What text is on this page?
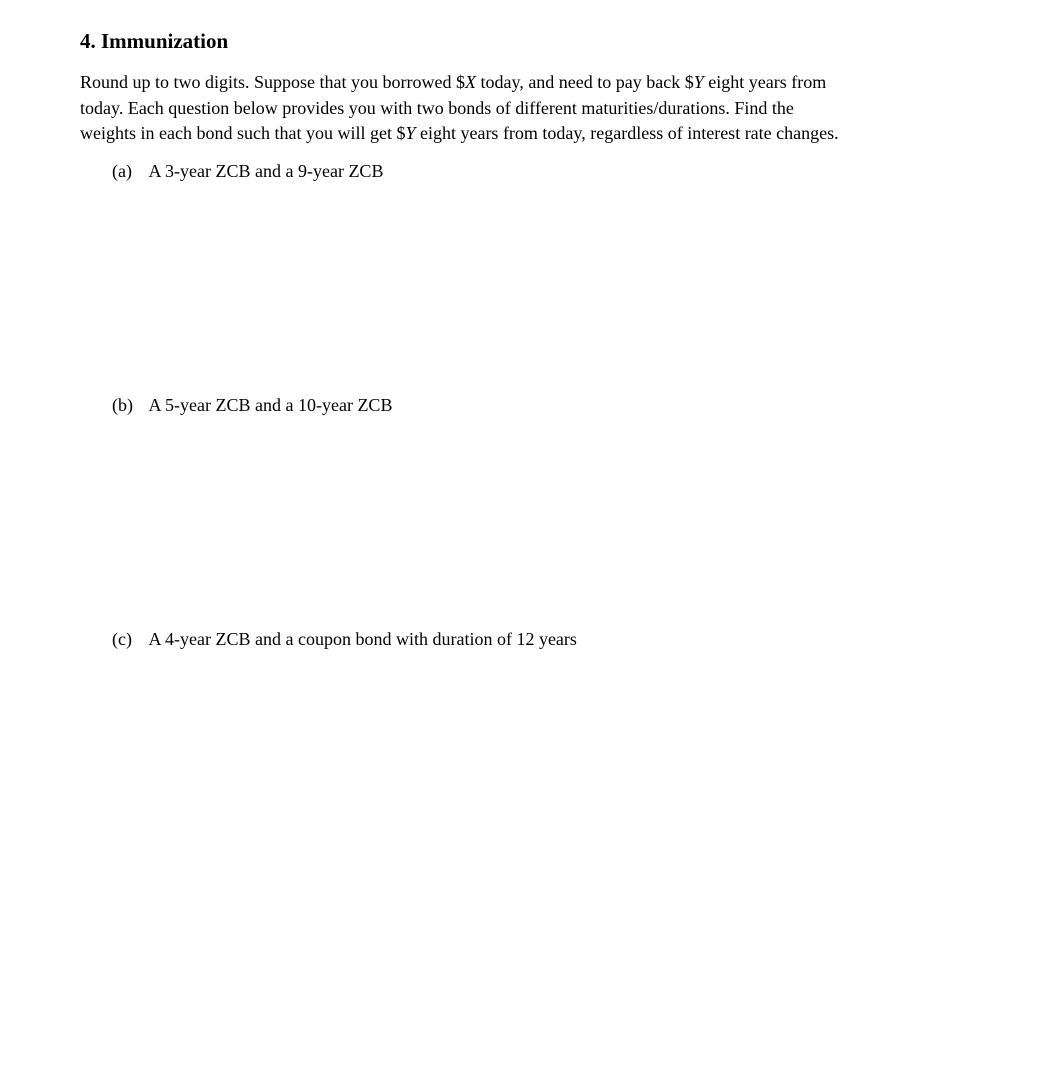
4. Immunization

Round up to two digits. Suppose that you borrowed $X today, and need to pay back $Y eight years from
today. Each question below provides you with two bonds of different maturities/durations. Find the
weights in each bond such that you will get $Y eight years from today, regardless of interest rate changes.

(a) A 3-year ZCB and a 9-year ZCB

(b) A 5-year ZCB and a 10-year ZCB

(c) A 4-year ZCB and a coupon bond with duration of 12 years
